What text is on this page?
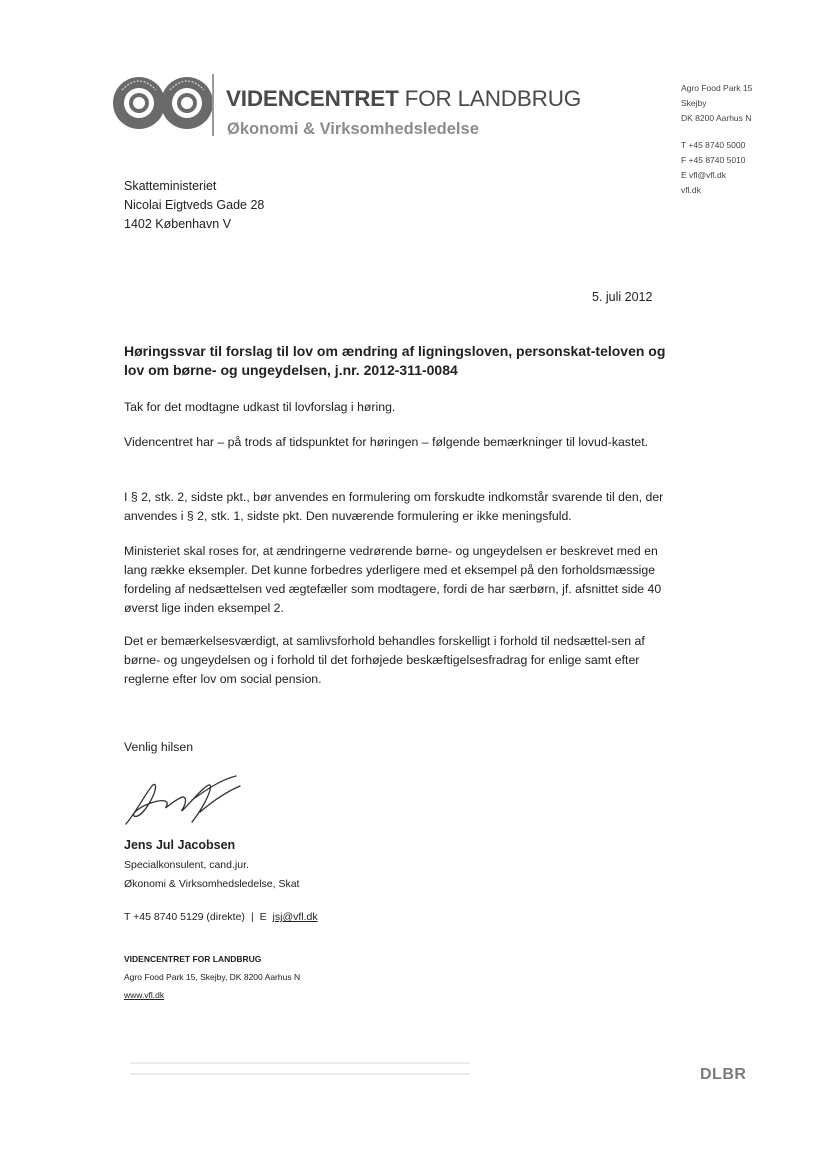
VIDENCENTRET FOR LANDBRUG
Økonomi & Virksomhedsledelse
Agro Food Park 15
Skejby
DK 8200 Aarhus N
T +45 8740 5000
F +45 8740 5010
E vfl@vfl.dk
vfl.dk
Skatteministeriet
Nicolai Eigtveds Gade 28
1402 København V
5. juli 2012
Høringssvar til forslag til lov om ændring af ligningsloven, personskat-teloven og lov om børne- og ungeydelsen, j.nr. 2012-311-0084
Tak for det modtagne udkast til lovforslag i høring.
Videncentret har – på trods af tidspunktet for høringen – følgende bemærkninger til lovud-kastet.
I § 2, stk. 2, sidste pkt., bør anvendes en formulering om forskudte indkomstår svarende til den, der anvendes i § 2, stk. 1, sidste pkt. Den nuværende formulering er ikke meningsfuld.
Ministeriet skal roses for, at ændringerne vedrørende børne- og ungeydelsen er beskrevet med en lang række eksempler. Det kunne forbedres yderligere med et eksempel på den forholdsmæssige fordeling af nedsættelsen ved ægtefæller som modtagere, fordi de har særbørn, jf. afsnittet side 40 øverst lige inden eksempel 2.
Det er bemærkelsesværdigt, at samlivsforhold behandles forskelligt i forhold til nedsættel-sen af børne- og ungeydelsen og i forhold til det forhøjede beskæftigelsesfradrag for enlige samt efter reglerne efter lov om social pension.
Venlig hilsen
Jens Jul Jacobsen
Specialkonsulent, cand.jur.
Økonomi & Virksomhedsledelse, Skat
T +45 8740 5129 (direkte) | E jsj@vfl.dk
VIDENCENTRET FOR LANDBRUG
Agro Food Park 15, Skejby, DK 8200 Aarhus N
www.vfl.dk
DLBR
